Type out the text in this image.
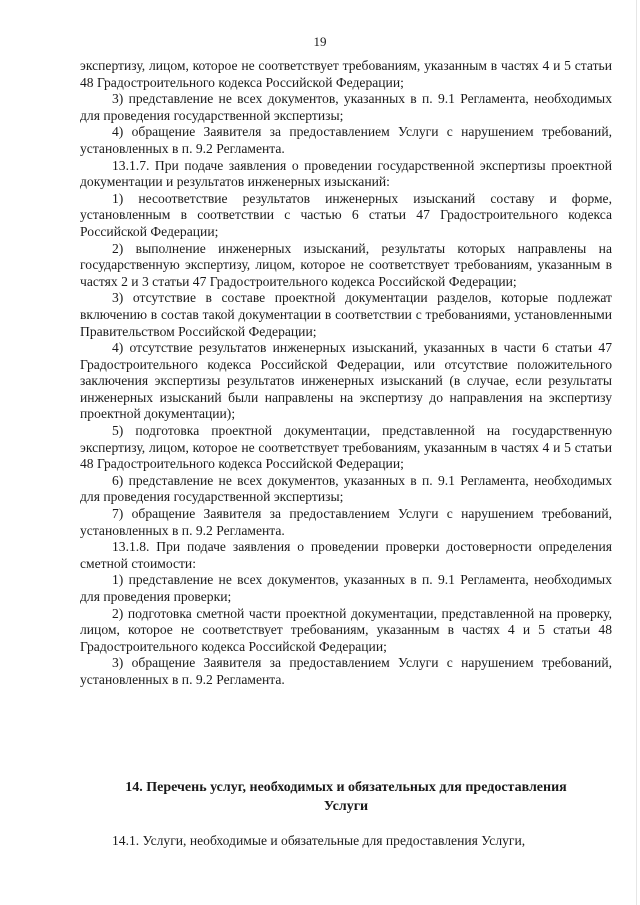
19

экспертизу, лицом, которое не соответствует требованиям, указанным в частях 4 и 5 статьи 48 Градостроительного кодекса Российской Федерации;

3) представление не всех документов, указанных в п. 9.1 Регламента, необходимых для проведения государственной экспертизы;

4) обращение Заявителя за предоставлением Услуги с нарушением требований, установленных в п. 9.2 Регламента.

13.1.7. При подаче заявления о проведении государственной экспертизы проектной документации и результатов инженерных изысканий:

1) несоответствие результатов инженерных изысканий составу и форме, установленным в соответствии с частью 6 статьи 47 Градостроительного кодекса Российской Федерации;

2) выполнение инженерных изысканий, результаты которых направлены на государственную экспертизу, лицом, которое не соответствует требованиям, указанным в частях 2 и 3 статьи 47 Градостроительного кодекса Российской Федерации;

3) отсутствие в составе проектной документации разделов, которые подлежат включению в состав такой документации в соответствии с требованиями, установленными Правительством Российской Федерации;

4) отсутствие результатов инженерных изысканий, указанных в части 6 статьи 47 Градостроительного кодекса Российской Федерации, или отсутствие положительного заключения экспертизы результатов инженерных изысканий (в случае, если результаты инженерных изысканий были направлены на экспертизу до направления на экспертизу проектной документации);

5) подготовка проектной документации, представленной на государственную экспертизу, лицом, которое не соответствует требованиям, указанным в частях 4 и 5 статьи 48 Градостроительного кодекса Российской Федерации;

6) представление не всех документов, указанных в п. 9.1 Регламента, необходимых для проведения государственной экспертизы;

7) обращение Заявителя за предоставлением Услуги с нарушением требований, установленных в п. 9.2 Регламента.

13.1.8. При подаче заявления о проведении проверки достоверности определения сметной стоимости:

1) представление не всех документов, указанных в п. 9.1 Регламента, необходимых для проведения проверки;

2) подготовка сметной части проектной документации, представленной на проверку, лицом, которое не соответствует требованиям, указанным в частях 4 и 5 статьи 48 Градостроительного кодекса Российской Федерации;

3) обращение Заявителя за предоставлением Услуги с нарушением требований, установленных в п. 9.2 Регламента.

14. Перечень услуг, необходимых и обязательных для предоставления
Услуги
14.1. Услуги, необходимые и обязательные для предоставления Услуги,
